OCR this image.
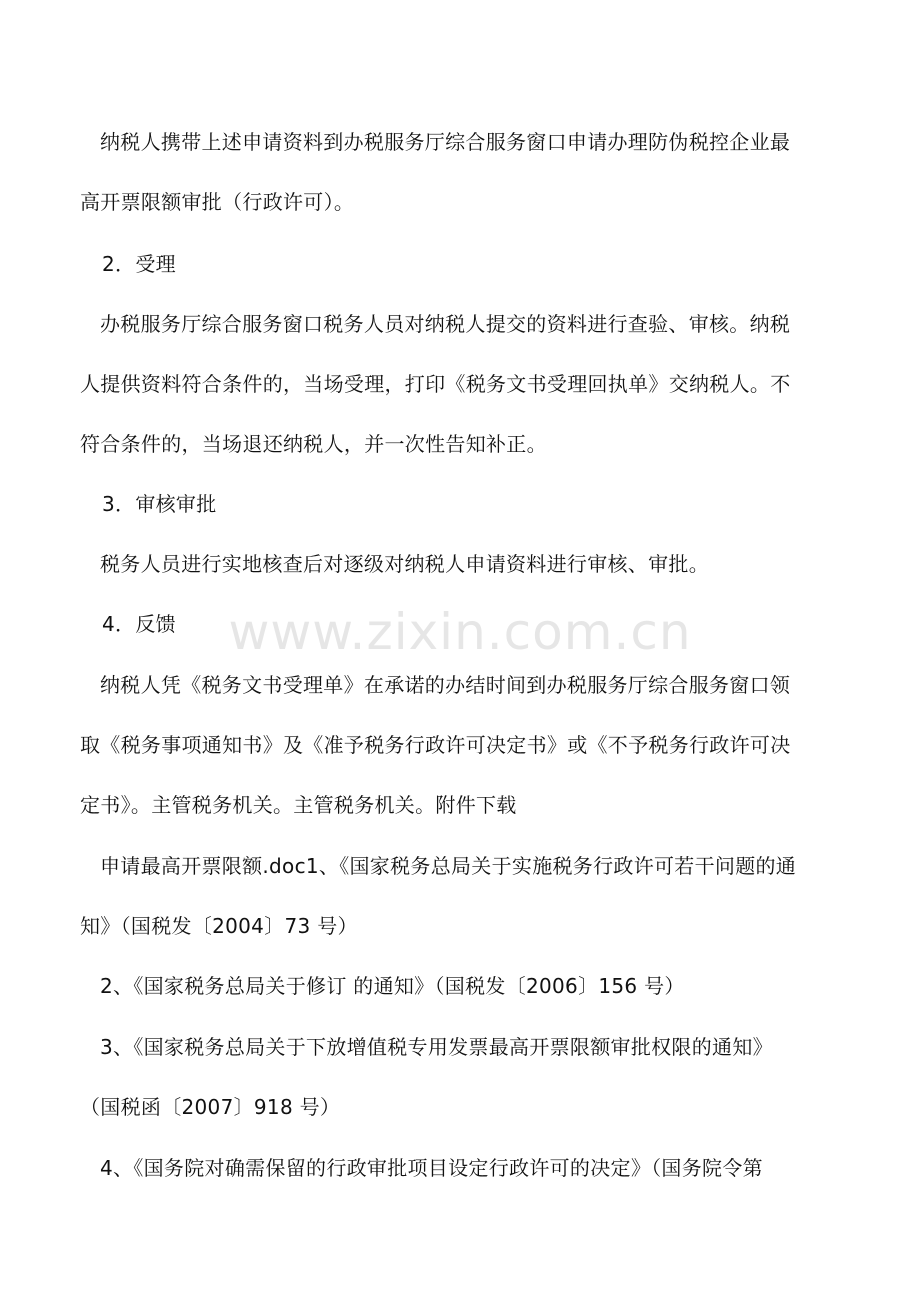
纳税人携带上述申请资料到办税服务厅综合服务窗口申请办理防伪税控企业最
高开票限额审批（行政许可）。
2．受理
办税服务厅综合服务窗口税务人员对纳税人提交的资料进行查验、审核。纳税
人提供资料符合条件的，当场受理，打印《税务文书受理回执单》交纳税人。不
符合条件的，当场退还纳税人，并一次性告知补正。
3．审核审批
税务人员进行实地核查后对逐级对纳税人申请资料进行审核、审批。
4．反馈
纳税人凭《税务文书受理单》在承诺的办结时间到办税服务厅综合服务窗口领
取《税务事项通知书》及《准予税务行政许可决定书》或《不予税务行政许可决
定书》。主管税务机关。主管税务机关。附件下载
申请最高开票限额.doc1、《国家税务总局关于实施税务行政许可若干问题的通
知》（国税发〔2004〕73 号）
2、《国家税务总局关于修订 的通知》（国税发〔2006〕156 号）
3、《国家税务总局关于下放增值税专用发票最高开票限额审批权限的通知》
（国税函〔2007〕918 号）
4、《国务院对确需保留的行政审批项目设定行政许可的决定》（国务院令第
www.zixin.com.cn
